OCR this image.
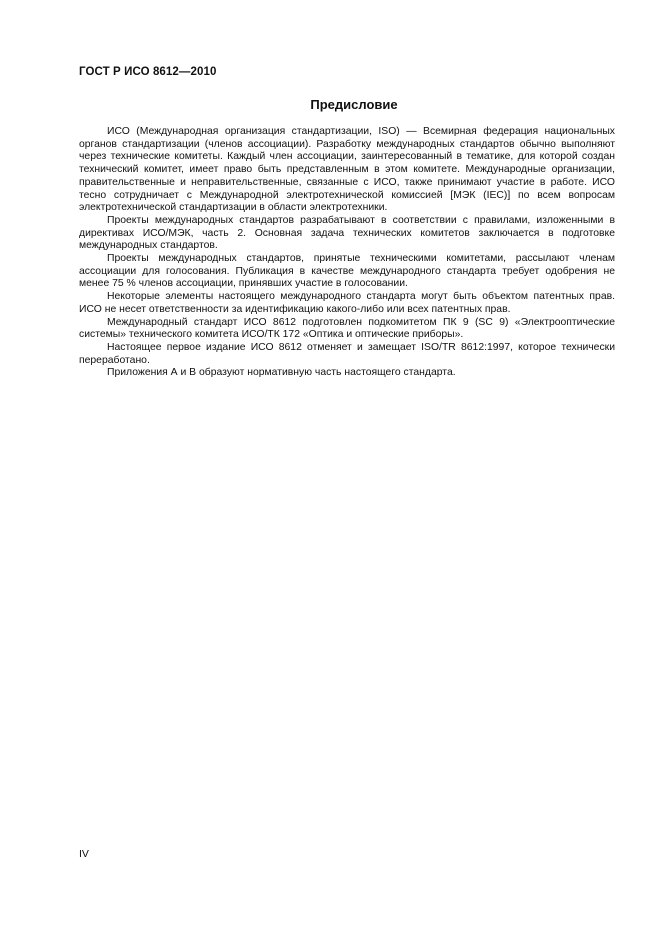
ГОСТ Р ИСО 8612—2010
Предисловие

ИСО (Международная организация стандартизации, ISO) — Всемирная федерация национальных органов стандартизации (членов ассоциации). Разработку международных стандартов обычно выполняют через технические комитеты. Каждый член ассоциации, заинтересованный в тематике, для которой создан технический комитет, имеет право быть представленным в этом комитете. Международные организации, правительственные и неправительственные, связанные с ИСО, также принимают участие в работе. ИСО тесно сотрудничает с Международной электротехнической комиссией [МЭК (IEC)] по всем вопросам электротехнической стандартизации в области электротехники.

Проекты международных стандартов разрабатывают в соответствии с правилами, изложенными в директивах ИСО/МЭК, часть 2. Основная задача технических комитетов заключается в подготовке международных стандартов.

Проекты международных стандартов, принятые техническими комитетами, рассылают членам ассоциации для голосования. Публикация в качестве международного стандарта требует одобрения не менее 75 % членов ассоциации, принявших участие в голосовании.

Некоторые элементы настоящего международного стандарта могут быть объектом патентных прав. ИСО не несет ответственности за идентификацию какого-либо или всех патентных прав.

Международный стандарт ИСО 8612 подготовлен подкомитетом ПК 9 (SC 9) «Электрооптические системы» технического комитета ИСО/ТК 172 «Оптика и оптические приборы».

Настоящее первое издание ИСО 8612 отменяет и замещает ISO/TR 8612:1997, которое технически переработано.

Приложения А и В образуют нормативную часть настоящего стандарта.

IV
